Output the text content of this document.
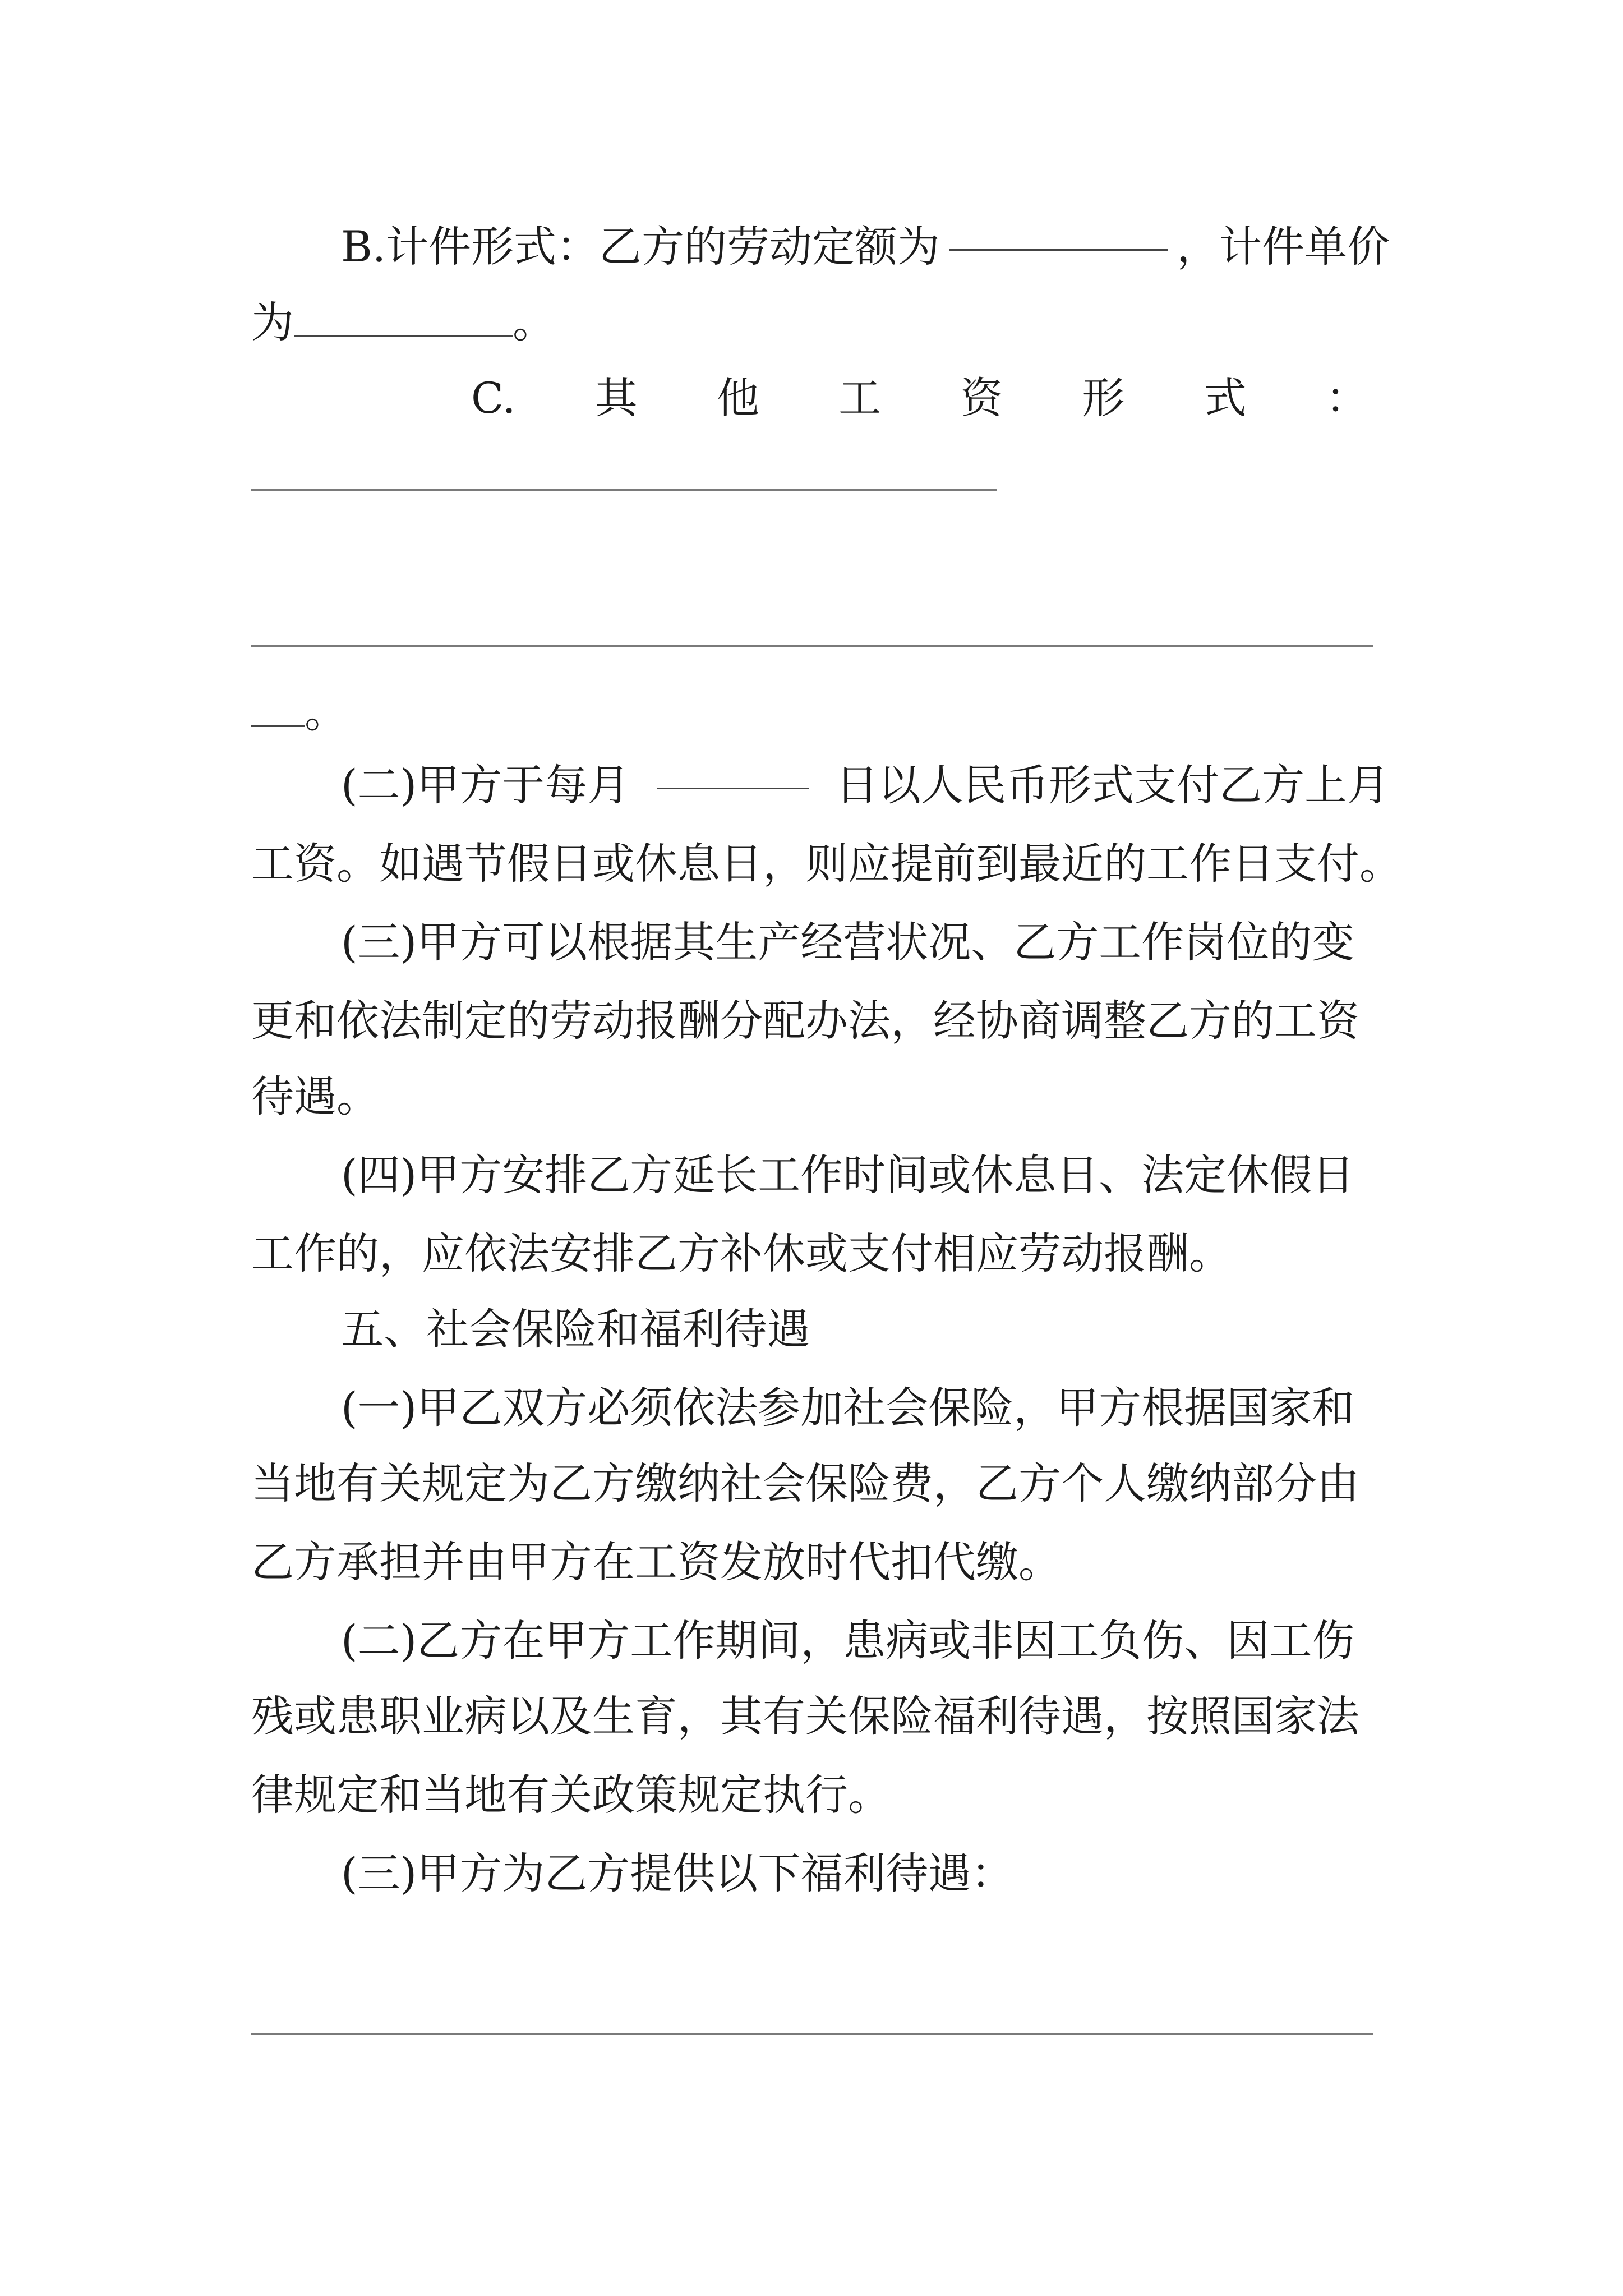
B.计件形式：乙方的劳动定额为	，计件单价
为	。
C. 其 他 工 资 形 式 ：
。
(二)甲方于每月	日以人民币形式支付乙方上月
工资。如遇节假日或休息日，则应提前到最近的工作日支付。
(三)甲方可以根据其生产经营状况、乙方工作岗位的变
更和依法制定的劳动报酬分配办法，经协商调整乙方的工资
待遇。
(四)甲方安排乙方延长工作时间或休息日、法定休假日
工作的，应依法安排乙方补休或支付相应劳动报酬。
五、社会保险和福利待遇
(一)甲乙双方必须依法参加社会保险，甲方根据国家和
当地有关规定为乙方缴纳社会保险费，乙方个人缴纳部分由
乙方承担并由甲方在工资发放时代扣代缴。
(二)乙方在甲方工作期间，患病或非因工负伤、因工伤
残或患职业病以及生育，其有关保险福利待遇，按照国家法
律规定和当地有关政策规定执行。
(三)甲方为乙方提供以下福利待遇：
